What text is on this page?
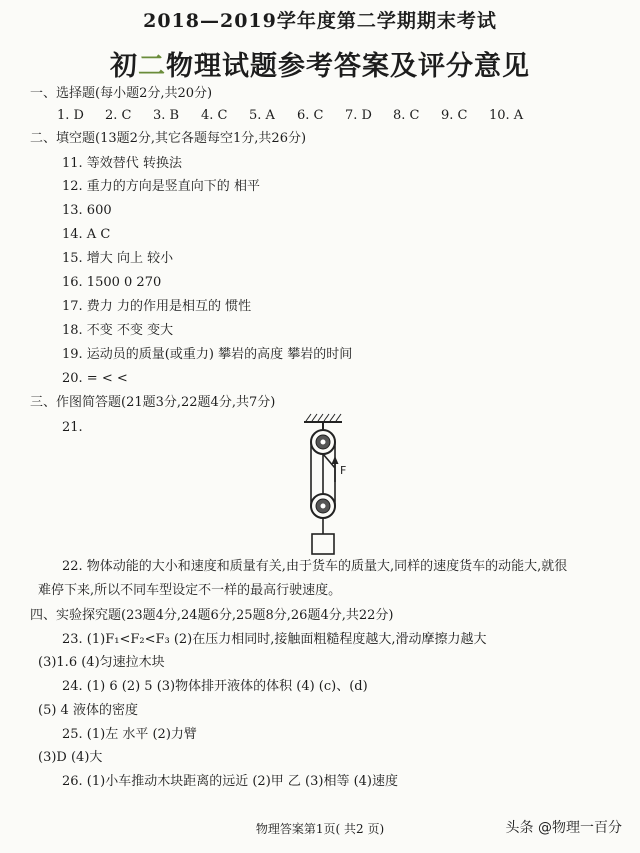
2018—2019学年度第二学期期末考试
初二物理试题参考答案及评分意见
一、选择题(每小题2分,共20分)
1. D 2. C 3. B 4. C 5. A 6. C 7. D 8. C 9. C 10. A
二、填空题(13题2分,其它各题每空1分,共26分)
11. 等效替代 转换法
12. 重力的方向是竖直向下的 相平
13. 600
14. A C
15. 增大 向上 较小
16. 1500 0 270
17. 费力 力的作用是相互的 惯性
18. 不变 不变 变大
19. 运动员的质量(或重力) 攀岩的高度 攀岩的时间
20. = < <
三、作图简答题(21题3分,22题4分,共7分)
21.
F
22. 物体动能的大小和速度和质量有关,由于货车的质量大,同样的速度货车的动能大,就很
难停下来,所以不同车型设定不一样的最高行驶速度。
四、实验探究题(23题4分,24题6分,25题8分,26题4分,共22分)
23. (1)F₁<F₂<F₃ (2)在压力相同时,接触面粗糙程度越大,滑动摩擦力越大
(3)1.6 (4)匀速拉木块
24. (1) 6 (2) 5 (3)物体排开液体的体积 (4) (c)、(d)
(5) 4 液体的密度
25. (1)左 水平 (2)力臂
(3)D (4)大
26. (1)小车推动木块距离的远近 (2)甲 乙 (3)相等 (4)速度
物理答案第1页( 共2 页)	头条 @物理一百分
